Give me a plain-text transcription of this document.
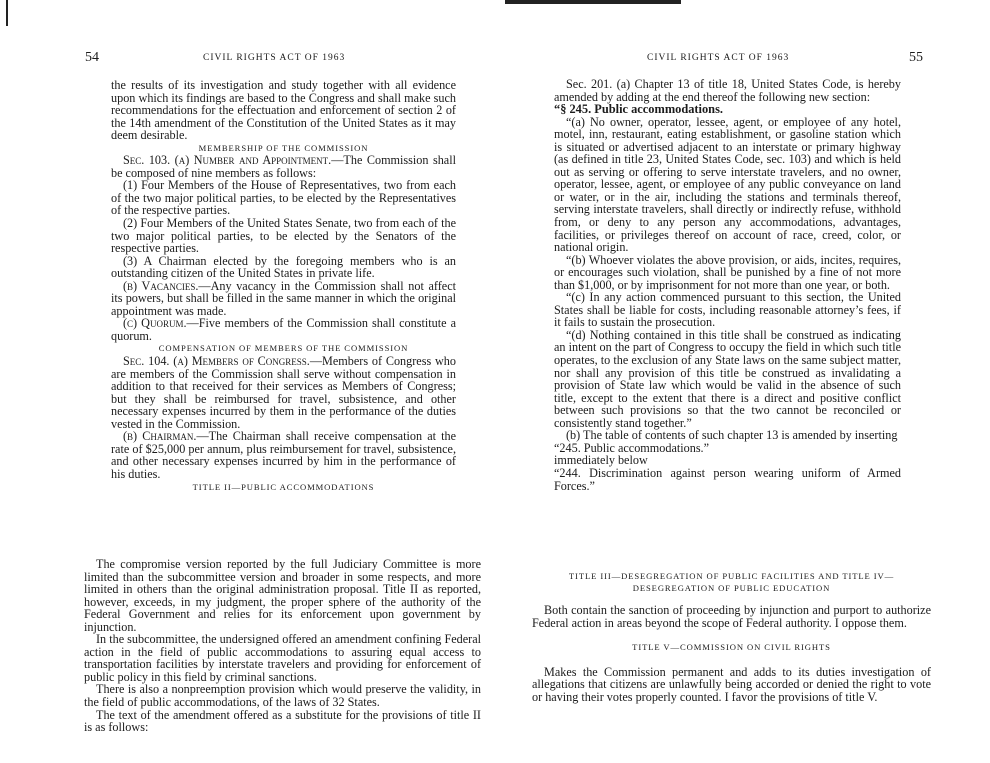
54	CIVIL RIGHTS ACT OF 1963

the results of its investigation and study together with all evidence upon which its findings are based to the Congress and shall make such recommendations for the effectuation and enforcement of section 2 of the 14th amendment of the Constitution of the United States as it may deem desirable.

MEMBERSHIP OF THE COMMISSION

Sec. 103. (a) Number and Appointment.—The Commission shall be composed of nine members as follows:

(1) Four Members of the House of Representatives, two from each of the two major political parties, to be elected by the Representatives of the respective parties.

(2) Four Members of the United States Senate, two from each of the two major political parties, to be elected by the Senators of the respective parties.

(3) A Chairman elected by the foregoing members who is an outstanding citizen of the United States in private life.

(b) Vacancies.—Any vacancy in the Commission shall not affect its powers, but shall be filled in the same manner in which the original appointment was made.

(c) Quorum.—Five members of the Commission shall constitute a quorum.

COMPENSATION OF MEMBERS OF THE COMMISSION

Sec. 104. (a) Members of Congress.—Members of Congress who are members of the Commission shall serve without compensation in addition to that received for their services as Members of Congress; but they shall be reimbursed for travel, subsistence, and other necessary expenses incurred by them in the performance of the duties vested in the Commission.

(b) Chairman.—The Chairman shall receive compensation at the rate of $25,000 per annum, plus reimbursement for travel, subsistence, and other necessary expenses incurred by him in the performance of his duties.

TITLE II—PUBLIC ACCOMMODATIONS

The compromise version reported by the full Judiciary Committee is more limited than the subcommittee version and broader in some respects, and more limited in others than the original administration proposal. Title II as reported, however, exceeds, in my judgment, the proper sphere of the authority of the Federal Government and relies for its enforcement upon government by injunction.

In the subcommittee, the undersigned offered an amendment confining Federal action in the field of public accommodations to assuring equal access to transportation facilities by interstate travelers and providing for enforcement of public policy in this field by criminal sanctions.

There is also a nonpreemption provision which would preserve the validity, in the field of public accommodations, of the laws of 32 States.

The text of the amendment offered as a substitute for the provisions of title II is as follows:

CIVIL RIGHTS ACT OF 1963	55

Sec. 201. (a) Chapter 13 of title 18, United States Code, is hereby amended by adding at the end thereof the following new section:

“§ 245. Public accommodations.

“(a) No owner, operator, lessee, agent, or employee of any hotel, motel, inn, restaurant, eating establishment, or gasoline station which is situated or advertised adjacent to an interstate or primary highway (as defined in title 23, United States Code, sec. 103) and which is held out as serving or offering to serve interstate travelers, and no owner, operator, lessee, agent, or employee of any public conveyance on land or water, or in the air, including the stations and terminals thereof, serving interstate travelers, shall directly or indirectly refuse, withhold from, or deny to any person any accommodations, advantages, facilities, or privileges thereof on account of race, creed, color, or national origin.

“(b) Whoever violates the above provision, or aids, incites, requires, or encourages such violation, shall be punished by a fine of not more than $1,000, or by imprisonment for not more than one year, or both.

“(c) In any action commenced pursuant to this section, the United States shall be liable for costs, including reasonable attorney’s fees, if it fails to sustain the prosecution.

“(d) Nothing contained in this title shall be construed as indicating an intent on the part of Congress to occupy the field in which such title operates, to the exclusion of any State laws on the same subject matter, nor shall any provision of this title be construed as invalidating a provision of State law which would be valid in the absence of such title, except to the extent that there is a direct and positive conflict between such provisions so that the two cannot be reconciled or consistently stand together.”

(b) The table of contents of such chapter 13 is amended by inserting

“245. Public accommodations.”

immediately below

“244. Discrimination against person wearing uniform of Armed Forces.”

TITLE III—DESEGREGATION OF PUBLIC FACILITIES AND TITLE IV—DESEGREGATION OF PUBLIC EDUCATION

Both contain the sanction of proceeding by injunction and purport to authorize Federal action in areas beyond the scope of Federal authority. I oppose them.

TITLE V—COMMISSION ON CIVIL RIGHTS

Makes the Commission permanent and adds to its duties investigation of allegations that citizens are unlawfully being accorded or denied the right to vote or having their votes properly counted. I favor the provisions of title V.
